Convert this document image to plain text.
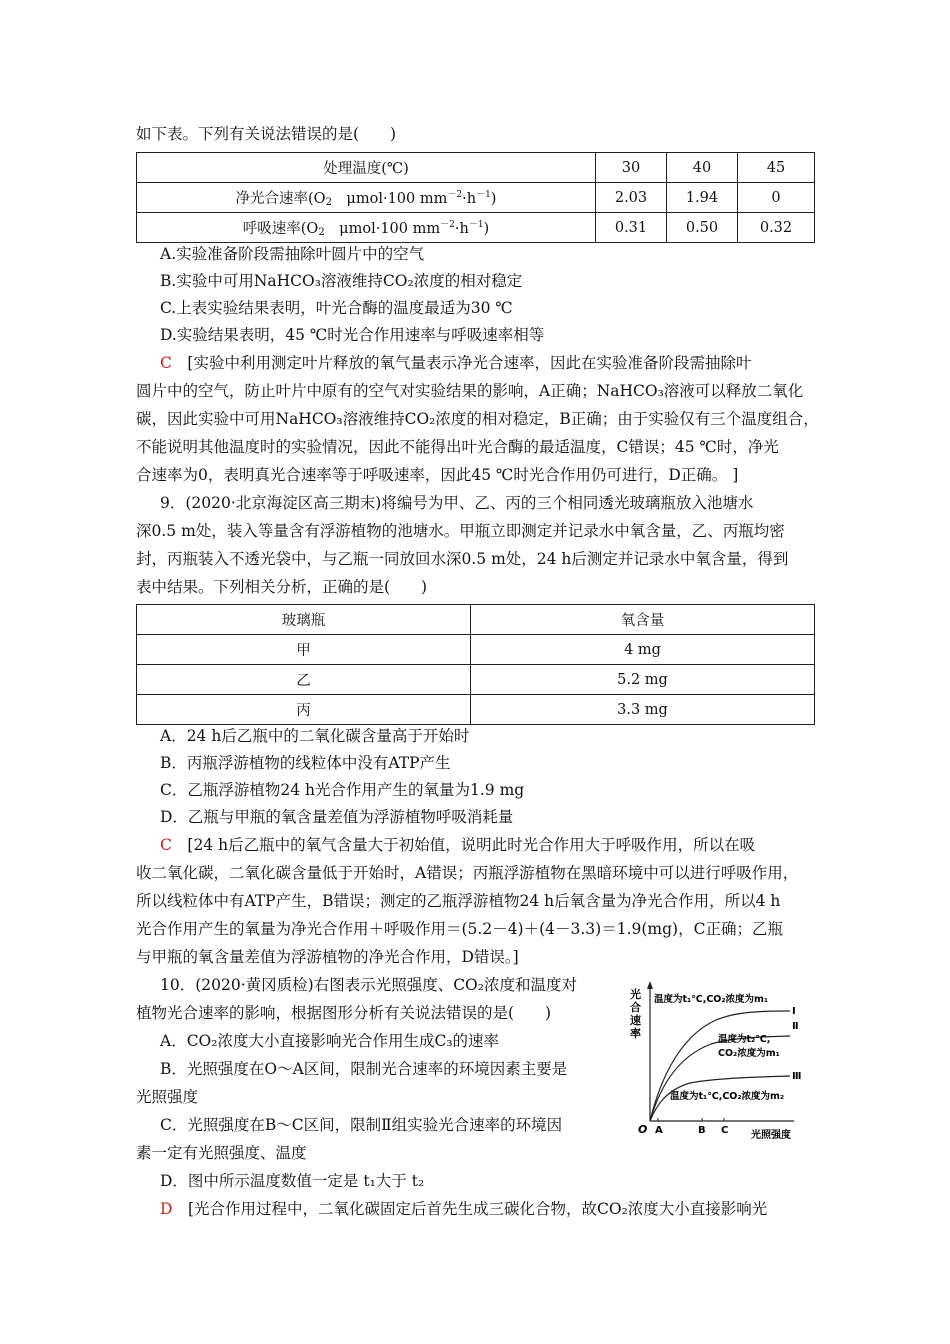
如下表。下列有关说法错误的是(　　)
处理温度(℃)	30	40	45
净光合速率($O_2$　μmol·100 $mm^{-2}\cdot h^{-1}$)	2.03	1.94	0
呼吸速率($O_2$　μmol·100 $mm^{-2}\cdot h^{-1}$)	0.31	0.50	0.32
A.实验准备阶段需抽除叶圆片中的空气
B.实验中可用NaHCO₃溶液维持CO₂浓度的相对稳定
C.上表实验结果表明，叶光合酶的温度最适为30 ℃
D.实验结果表明，45 ℃时光合作用速率与呼吸速率相等
C　 [实验中利用测定叶片释放的氧气量表示净光合速率，因此在实验准备阶段需抽除叶
圆片中的空气，防止叶片中原有的空气对实验结果的影响，A正确；NaHCO₃溶液可以释放二氧化
碳，因此实验中可用NaHCO₃溶液维持CO₂浓度的相对稳定，B正确；由于实验仅有三个温度组合，
不能说明其他温度时的实验情况，因此不能得出叶光合酶的最适温度，C错误；45 ℃时，净光
合速率为0，表明真光合速率等于呼吸速率，因此45 ℃时光合作用仍可进行，D正确。 ]
9．(2020·北京海淀区高三期末)将编号为甲、乙、丙的三个相同透光玻璃瓶放入池塘水
深0.5 m处，装入等量含有浮游植物的池塘水。甲瓶立即测定并记录水中氧含量，乙、丙瓶均密
封，丙瓶装入不透光袋中，与乙瓶一同放回水深0.5 m处，24 h后测定并记录水中氧含量，得到
表中结果。下列相关分析，正确的是(　　)
玻璃瓶	氧含量
甲	4 mg
乙	5.2 mg
丙	3.3 mg
A．24 h后乙瓶中的二氧化碳含量高于开始时
B．丙瓶浮游植物的线粒体中没有ATP产生
C．乙瓶浮游植物24 h光合作用产生的氧量为1.9 mg
D．乙瓶与甲瓶的氧含量差值为浮游植物呼吸消耗量
C　 [24 h后乙瓶中的氧气含量大于初始值，说明此时光合作用大于呼吸作用，所以在吸
收二氧化碳，二氧化碳含量低于开始时，A错误；丙瓶浮游植物在黑暗环境中可以进行呼吸作用，
所以线粒体中有ATP产生，B错误；测定的乙瓶浮游植物24 h后氧含量为净光合作用，所以4 h
光合作用产生的氧量为净光合作用＋呼吸作用＝(5.2－4)＋(4－3.3)＝1.9(mg)，C正确；乙瓶
与甲瓶的氧含量差值为浮游植物的净光合作用，D错误。]
10．(2020·黄冈质检)右图表示光照强度、CO₂浓度和温度对
植物光合速率的影响，根据图形分析有关说法错误的是(　　)
A．CO₂浓度大小直接影响光合作用生成C₃的速率
B．光照强度在O～A区间，限制光合速率的环境因素主要是
光照强度
C．光照强度在B～C区间，限制Ⅱ组实验光合速率的环境因
素一定有光照强度、温度
D．图中所示温度数值一定是 t₁大于 t₂
D　 [光合作用过程中，二氧化碳固定后首先生成三碳化合物，故CO₂浓度大小直接影响光
光
合
速
率
O A	B C 光照强度
温度为t₁℃,CO₂浓度为m₁
Ⅰ
Ⅱ
温度为t₂℃,
CO₂浓度为m₁
Ⅲ
温度为t₁℃,CO₂浓度为m₂
